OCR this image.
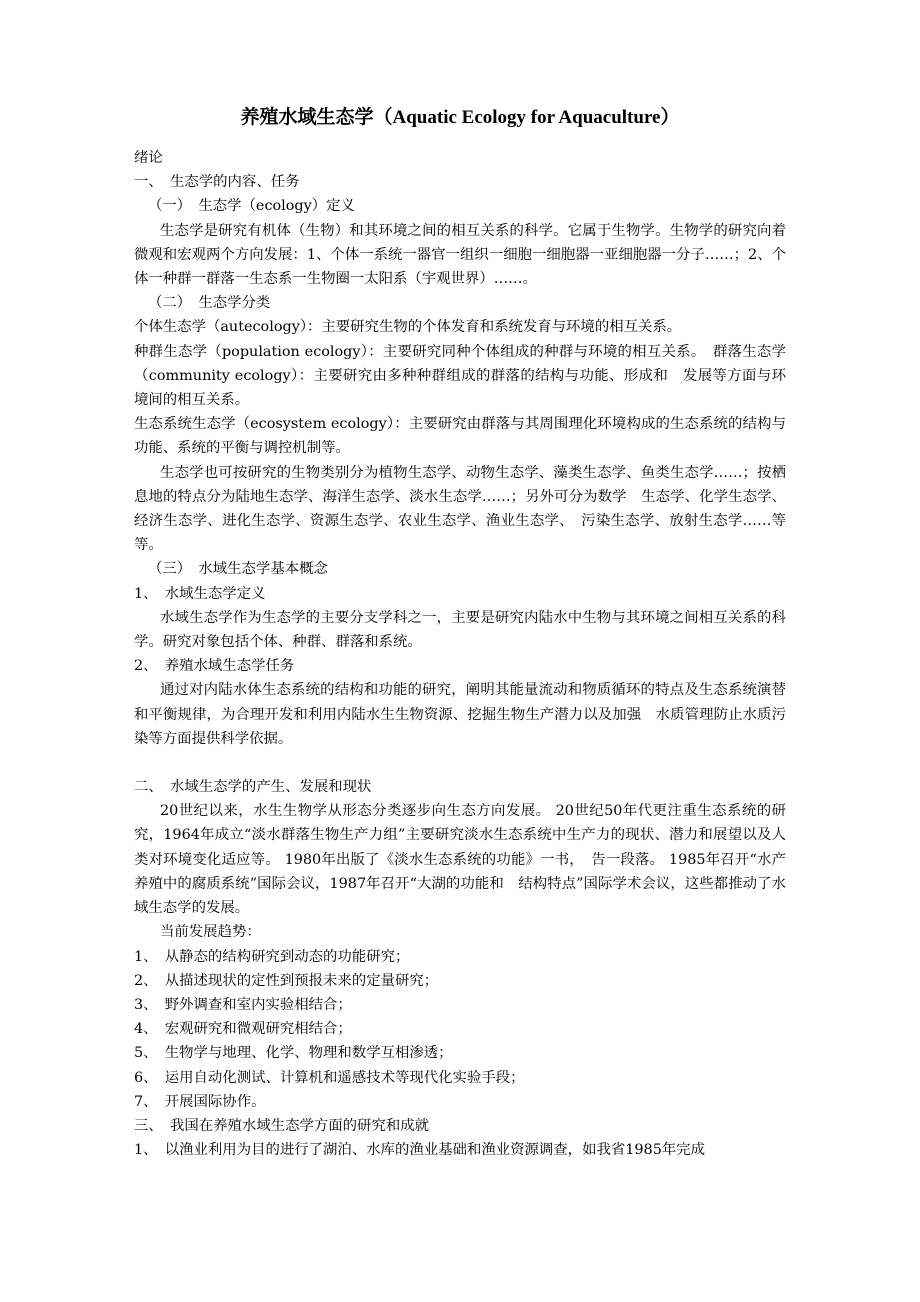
养殖水域生态学（Aquatic Ecology for Aquaculture）

绪论

一、　生态学的内容、任务

（一）　生态学（ecology）定义

生态学是研究有机体（生物）和其环境之间的相互关系的科学。它属于生物学。生物学的研究向着微观和宏观两个方向发展：1、个体一系统一器官一组织一细胞一细胞器一亚细胞器一分子……；2、个体一种群一群落一生态系一生物圈一太阳系（宇观世界）……。

（二）　生态学分类

个体生态学（autecology）：主要研究生物的个体发育和系统发育与环境的相互关系。

种群生态学（population ecology）：主要研究同种个体组成的种群与环境的相互关系。　群落生态学（community ecology）：主要研究由多种种群组成的群落的结构与功能、形成和　发展等方面与环境间的相互关系。

生态系统生态学（ecosystem ecology）：主要研究由群落与其周围理化环境构成的生态系统的结构与功能、系统的平衡与调控机制等。

生态学也可按研究的生物类别分为植物生态学、动物生态学、藻类生态学、鱼类生态学……；按栖息地的特点分为陆地生态学、海洋生态学、淡水生态学……；另外可分为数学　生态学、化学生态学、经济生态学、进化生态学、资源生态学、农业生态学、渔业生态学、　污染生态学、放射生态学……等等。

（三）　水域生态学基本概念

1、　水域生态学定义

水域生态学作为生态学的主要分支学科之一，主要是研究内陆水中生物与其环境之间相互关系的科学。研究对象包括个体、种群、群落和系统。

2、　养殖水域生态学任务

通过对内陆水体生态系统的结构和功能的研究，阐明其能量流动和物质循环的特点及生态系统演替和平衡规律，为合理开发和利用内陆水生生物资源、挖掘生物生产潜力以及加强　水质管理防止水质污染等方面提供科学依据。

二、　水域生态学的产生、发展和现状

20世纪以来，水生生物学从形态分类逐步向生态方向发展。 20世纪50年代更注重生态系统的研究，1964年成立“淡水群落生物生产力组”主要研究淡水生态系统中生产力的现状、潜力和展望以及人类对环境变化适应等。 1980年出版了《淡水生态系统的功能》一书，　告一段落。 1985年召开“水产养殖中的腐质系统”国际会议，1987年召开“大湖的功能和　结构特点”国际学术会议，这些都推动了水域生态学的发展。

当前发展趋势：

1、　从静态的结构研究到动态的功能研究；

2、　从描述现状的定性到预报未来的定量研究；

3、　野外调查和室内实验相结合；

4、　宏观研究和微观研究相结合；

5、　生物学与地理、化学、物理和数学互相渗透；

6、　运用自动化测试、计算机和遥感技术等现代化实验手段；

7、　开展国际协作。

三、　我国在养殖水域生态学方面的研究和成就

1、　以渔业利用为目的进行了湖泊、水库的渔业基础和渔业资源调查，如我省1985年完成
